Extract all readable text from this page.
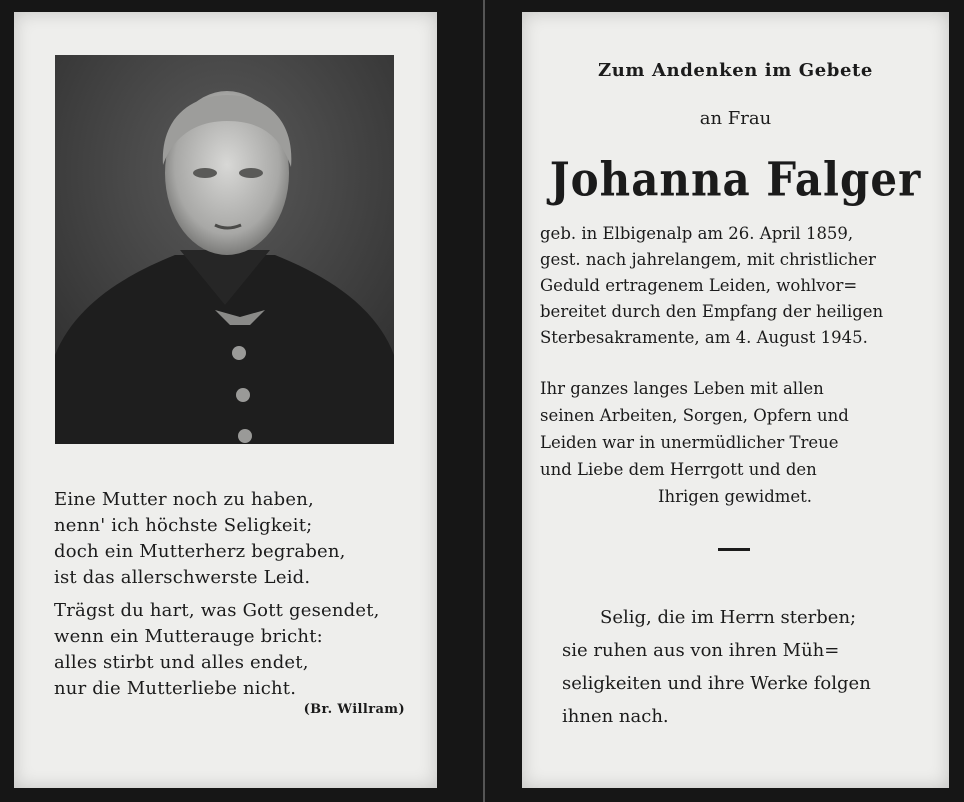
Eine Mutter noch zu haben,
nenn' ich höchste Seligkeit;
doch ein Mutterherz begraben,
ist das allerschwerste Leid.
Trägst du hart, was Gott gesendet,
wenn ein Mutterauge bricht:
alles stirbt und alles endet,
nur die Mutterliebe nicht.
(Br. Willram)
Zum Andenken im Gebete
an Frau
Johanna Falger
geb. in Elbigenalp am 26. April 1859,
gest. nach jahrelangem, mit christlicher
Geduld ertragenem Leiden, wohlvor=
bereitet durch den Empfang der heiligen
Sterbesakramente, am 4. August 1945.
Ihr ganzes langes Leben mit allen
seinen Arbeiten, Sorgen, Opfern und
Leiden war in unermüdlicher Treue
und Liebe dem Herrgott und den
Ihrigen gewidmet.
Selig, die im Herrn sterben;
sie ruhen aus von ihren Müh=
seligkeiten und ihre Werke folgen
ihnen nach.
